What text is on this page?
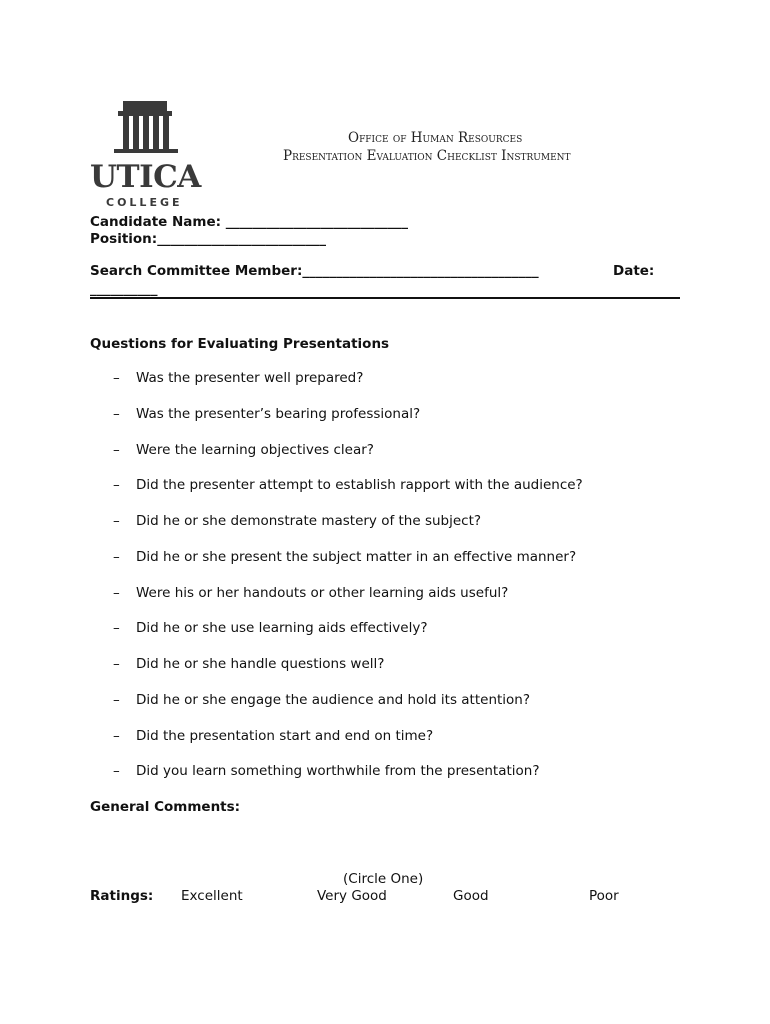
UTICA
COLLEGE
Office of Human Resources
Presentation Evaluation Checklist Instrument
Candidate Name: ___________________________
Position:_________________________
Search Committee Member:___________________________________	Date:
__________
Questions for Evaluating Presentations
– Was the presenter well prepared?
– Was the presenter’s bearing professional?
– Were the learning objectives clear?
– Did the presenter attempt to establish rapport with the audience?
– Did he or she demonstrate mastery of the subject?
– Did he or she present the subject matter in an effective manner?
– Were his or her handouts or other learning aids useful?
– Did he or she use learning aids effectively?
– Did he or she handle questions well?
– Did he or she engage the audience and hold its attention?
– Did the presentation start and end on time?
– Did you learn something worthwhile from the presentation?
General Comments:
(Circle One)
Ratings: Excellent	Very Good	Good	Poor
